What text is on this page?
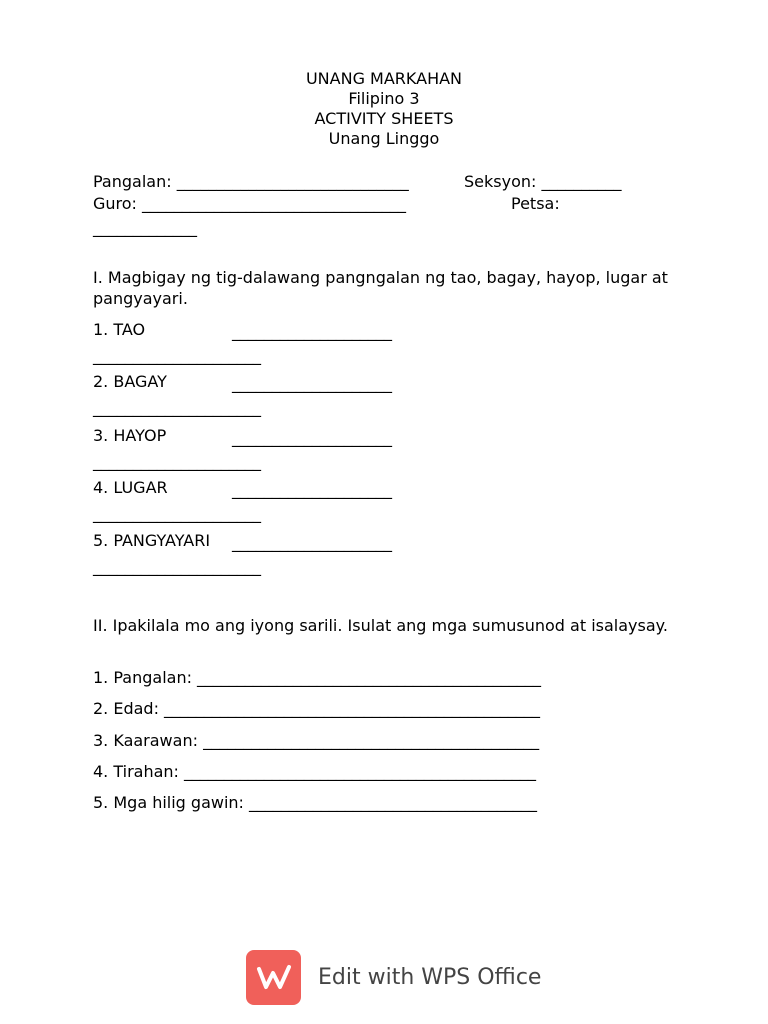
UNANG MARKAHAN
Filipino 3
ACTIVITY SHEETS
Unang Linggo
Pangalan: _____________________________	Seksyon: __________
Guro: _________________________________	Petsa:
_____________
I. Magbigay ng tig-dalawang pangngalan ng tao, bagay, hayop, lugar at pangyayari.
1. TAO	____________________
_____________________
2. BAGAY	____________________
_____________________
3. HAYOP	____________________
_____________________
4. LUGAR	____________________
_____________________
5. PANGYAYARI ____________________
_____________________
II. Ipakilala mo ang iyong sarili. Isulat ang mga sumusunod at isalaysay.
1. Pangalan: ___________________________________________
2. Edad: _______________________________________________
3. Kaarawan: __________________________________________
4. Tirahan: ____________________________________________
5. Mga hilig gawin: ____________________________________
Edit with WPS Office
